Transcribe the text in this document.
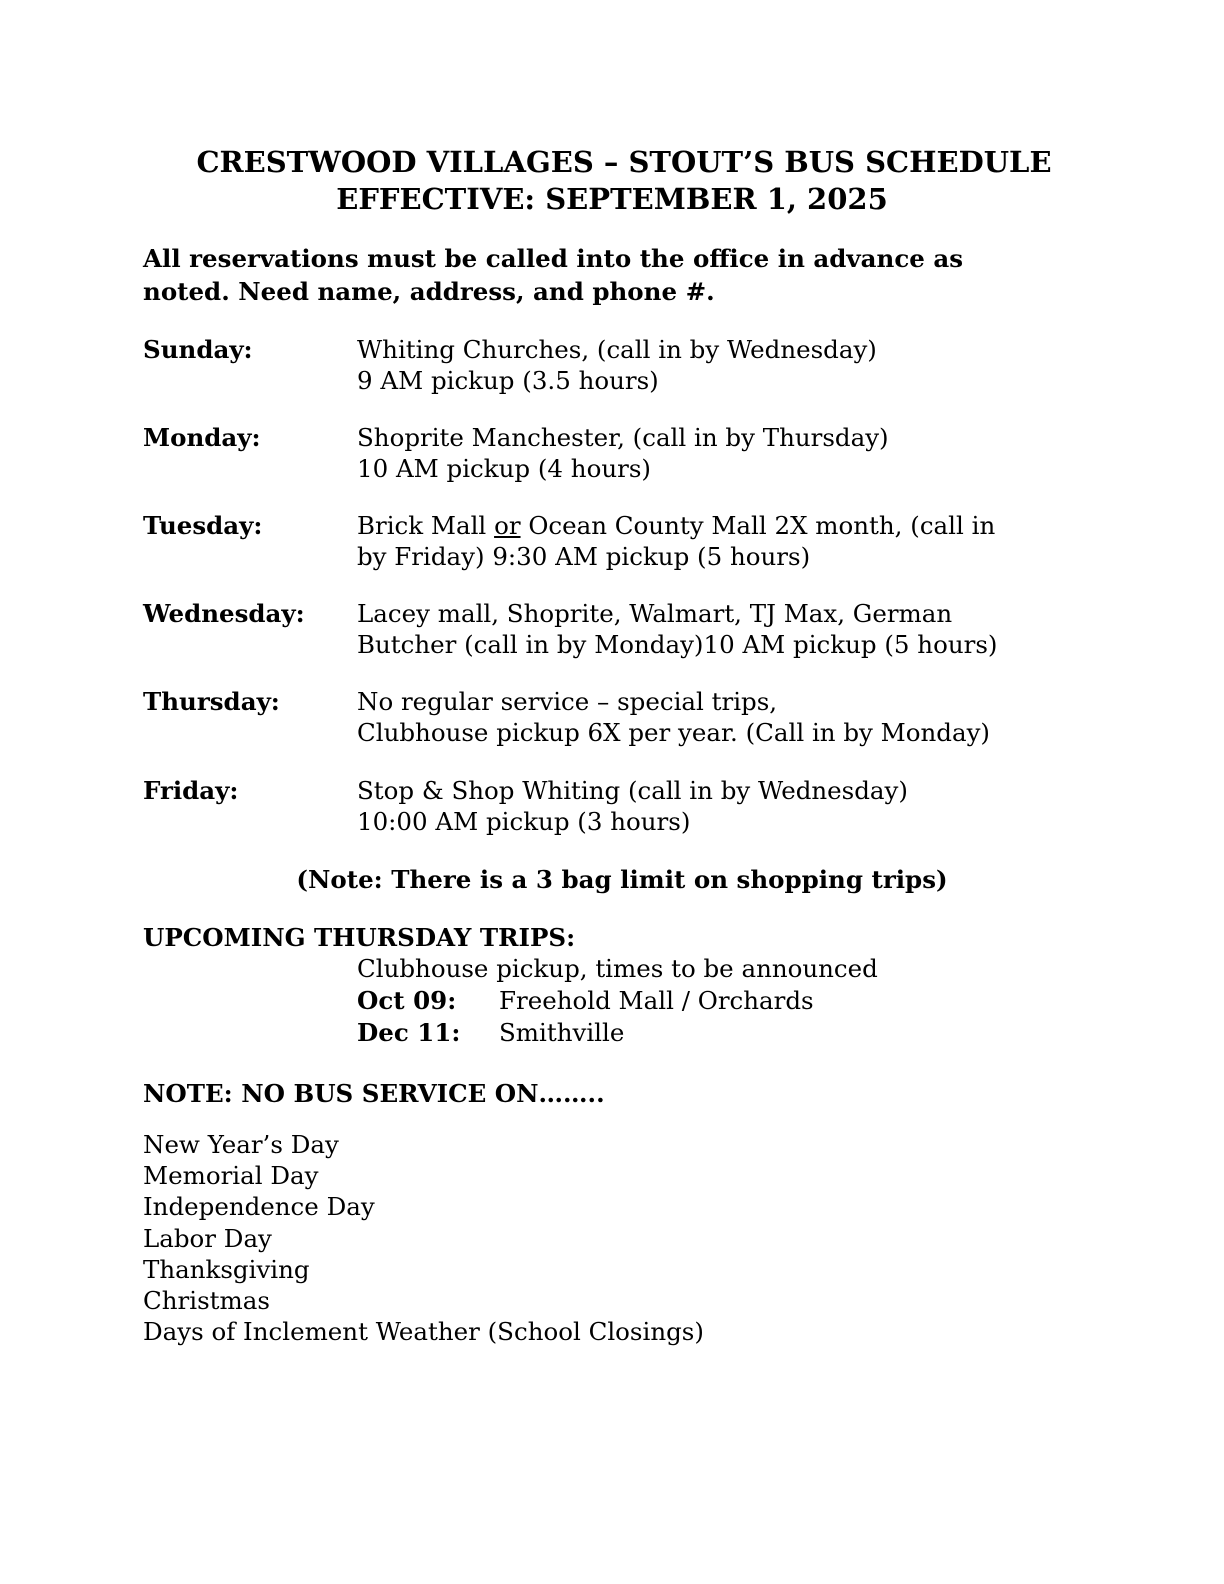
CRESTWOOD VILLAGES – STOUT’S BUS SCHEDULE
EFFECTIVE: SEPTEMBER 1, 2025

All reservations must be called into the office in advance as
noted. Need name, address, and phone #.

Sunday:	Whiting Churches, (call in by Wednesday)
9 AM pickup (3.5 hours)
Monday:	Shoprite Manchester, (call in by Thursday)
10 AM pickup (4 hours)
Tuesday:	Brick Mall or Ocean County Mall 2X month, (call in
by Friday) 9:30 AM pickup (5 hours)
Wednesday: Lacey mall, Shoprite, Walmart, TJ Max, German
Butcher (call in by Monday)10 AM pickup (5 hours)
Thursday:	No regular service – special trips,
Clubhouse pickup 6X per year. (Call in by Monday)
Friday:	Stop & Shop Whiting (call in by Wednesday)
10:00 AM pickup (3 hours)
(Note: There is a 3 bag limit on shopping trips)
UPCOMING THURSDAY TRIPS:
Clubhouse pickup, times to be announced
Oct 09: Freehold Mall / Orchards
Dec 11: Smithville
NOTE: NO BUS SERVICE ON……..
New Year’s Day
Memorial Day
Independence Day
Labor Day
Thanksgiving
Christmas
Days of Inclement Weather (School Closings)
